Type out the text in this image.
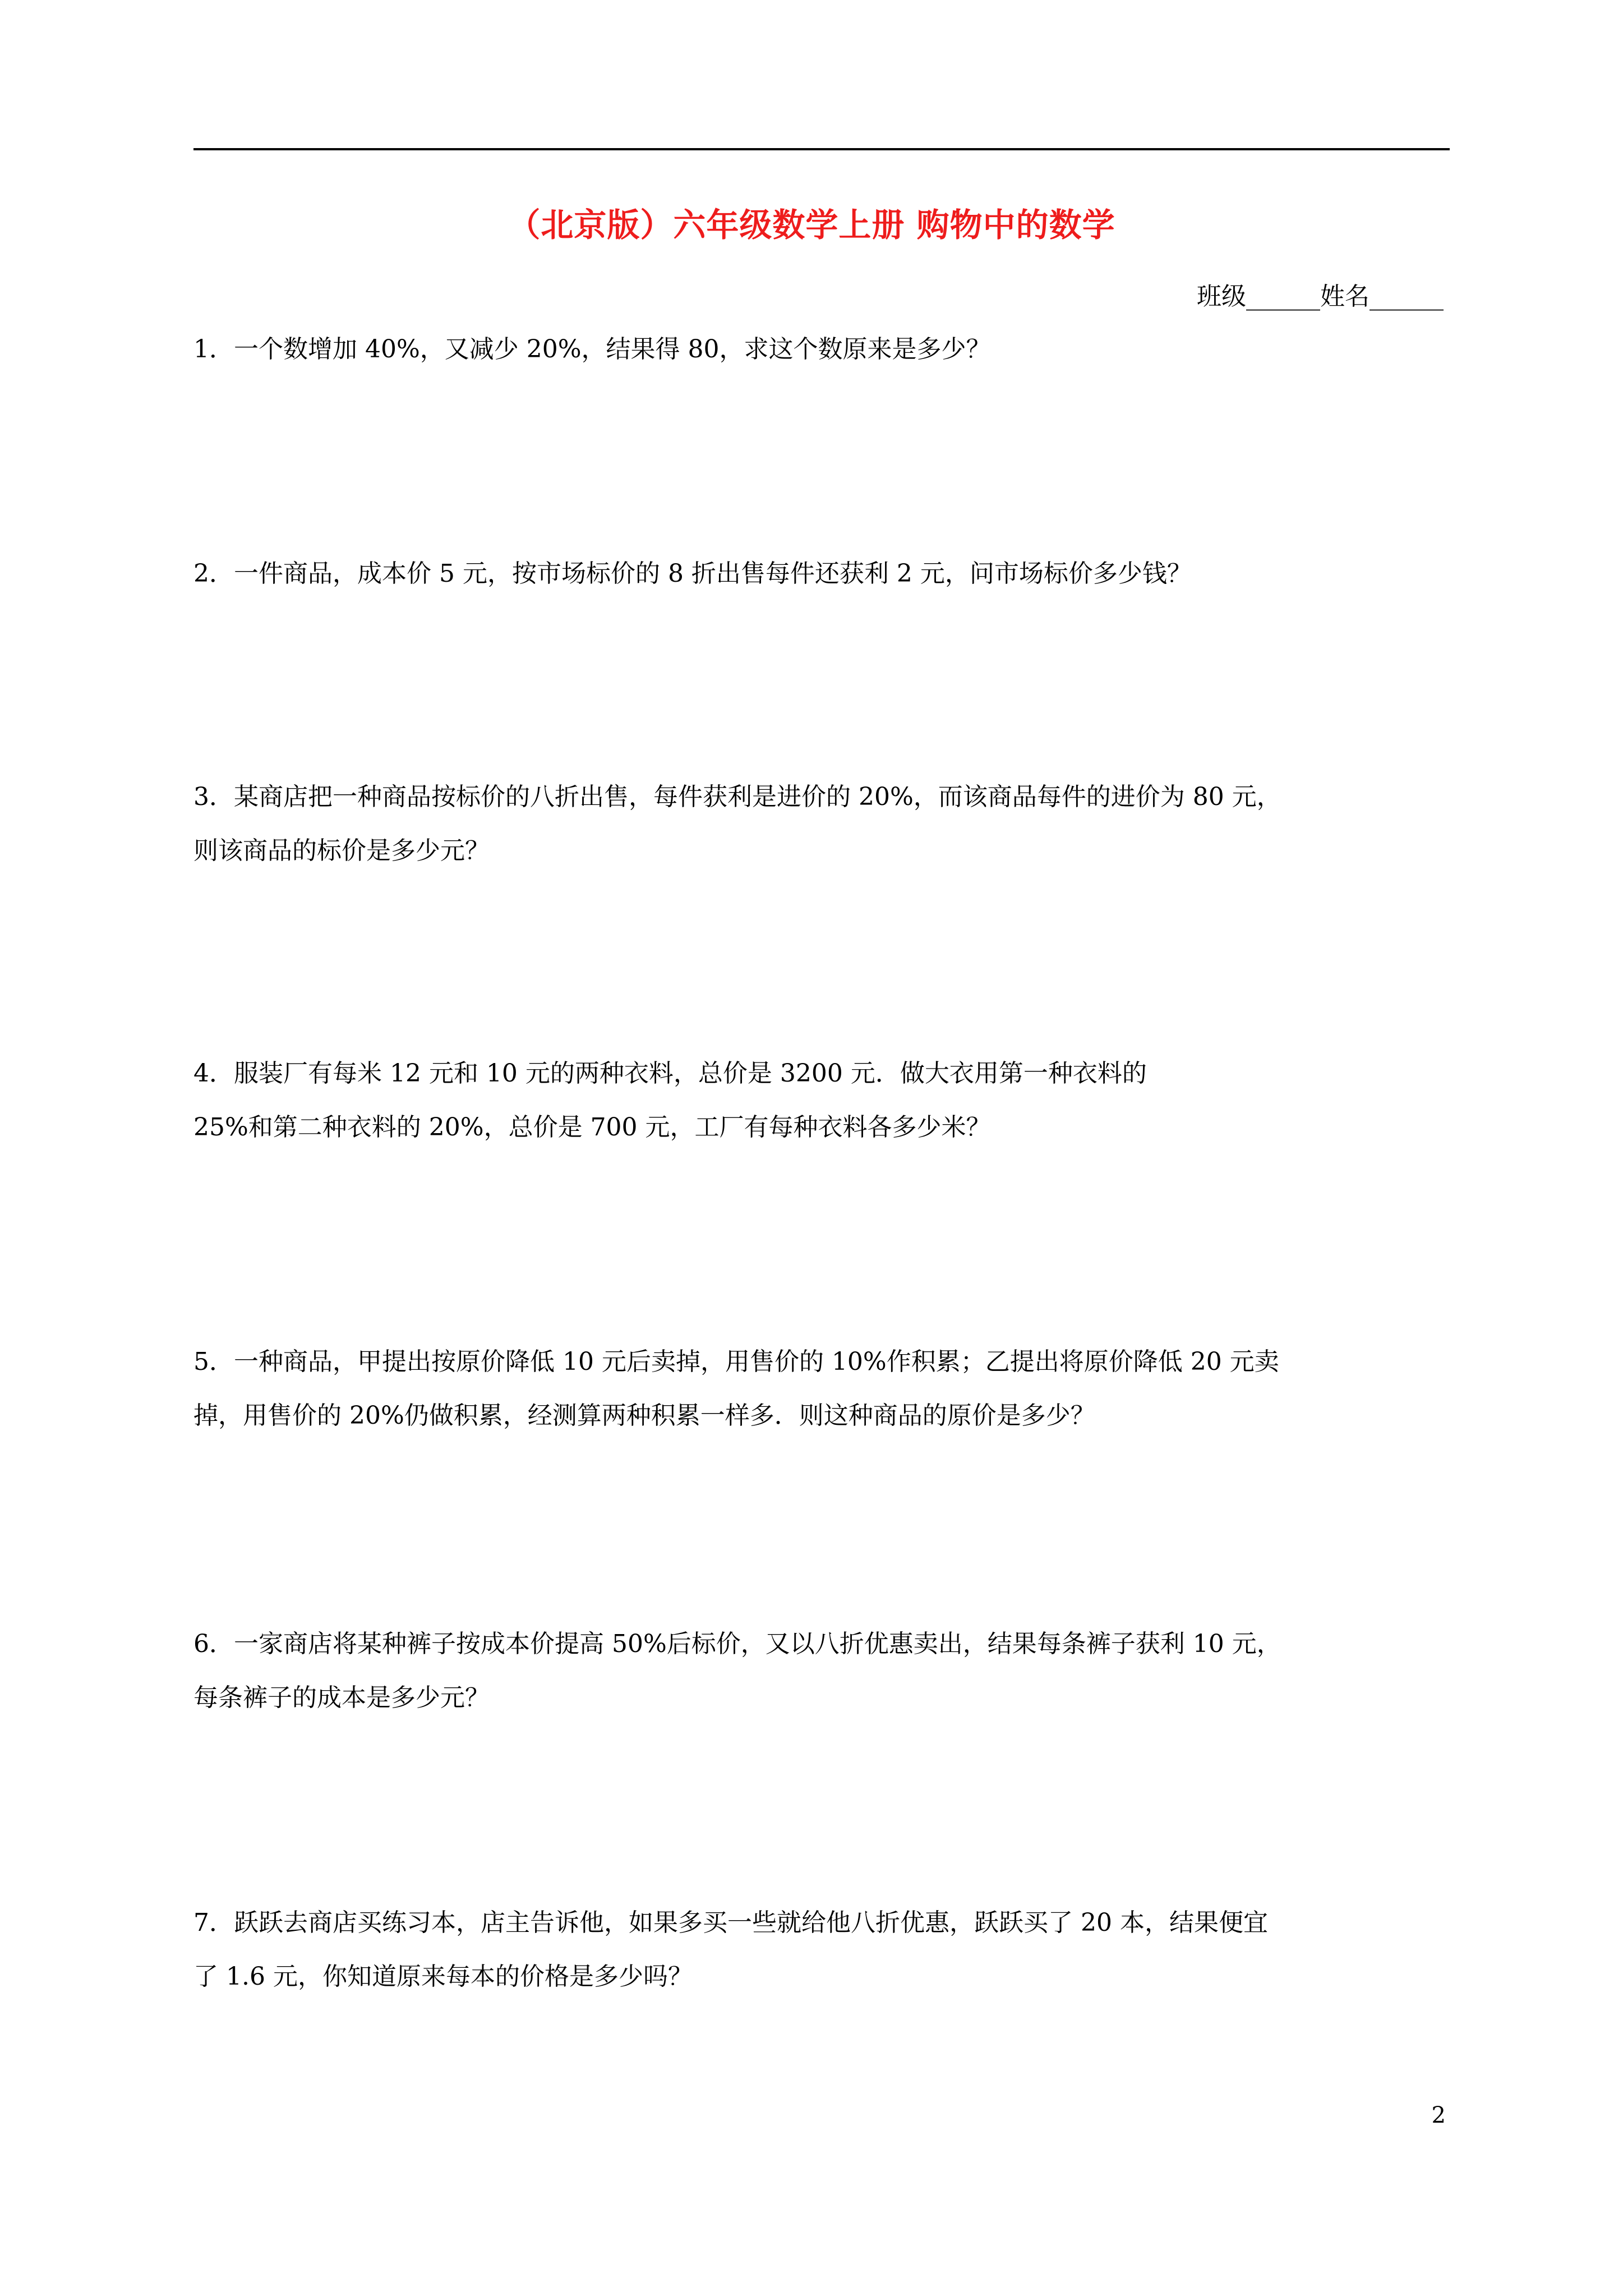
（北京版）六年级数学上册 购物中的数学
班级______姓名______
1．一个数增加 40%，又减少 20%，结果得 80，求这个数原来是多少？
2．一件商品，成本价 5 元，按市场标价的 8 折出售每件还获利 2 元，问市场标价多少钱？
3．某商店把一种商品按标价的八折出售，每件获利是进价的 20%，而该商品每件的进价为 80 元，
则该商品的标价是多少元？
4．服装厂有每米 12 元和 10 元的两种衣料，总价是 3200 元．做大衣用第一种衣料的
25%和第二种衣料的 20%，总价是 700 元，工厂有每种衣料各多少米？
5．一种商品，甲提出按原价降低 10 元后卖掉，用售价的 10%作积累；乙提出将原价降低 20 元卖
掉，用售价的 20%仍做积累，经测算两种积累一样多．则这种商品的原价是多少？
6．一家商店将某种裤子按成本价提高 50%后标价，又以八折优惠卖出，结果每条裤子获利 10 元，
每条裤子的成本是多少元？
7．跃跃去商店买练习本，店主告诉他，如果多买一些就给他八折优惠，跃跃买了 20 本，结果便宜
了 1.6 元，你知道原来每本的价格是多少吗？
2
